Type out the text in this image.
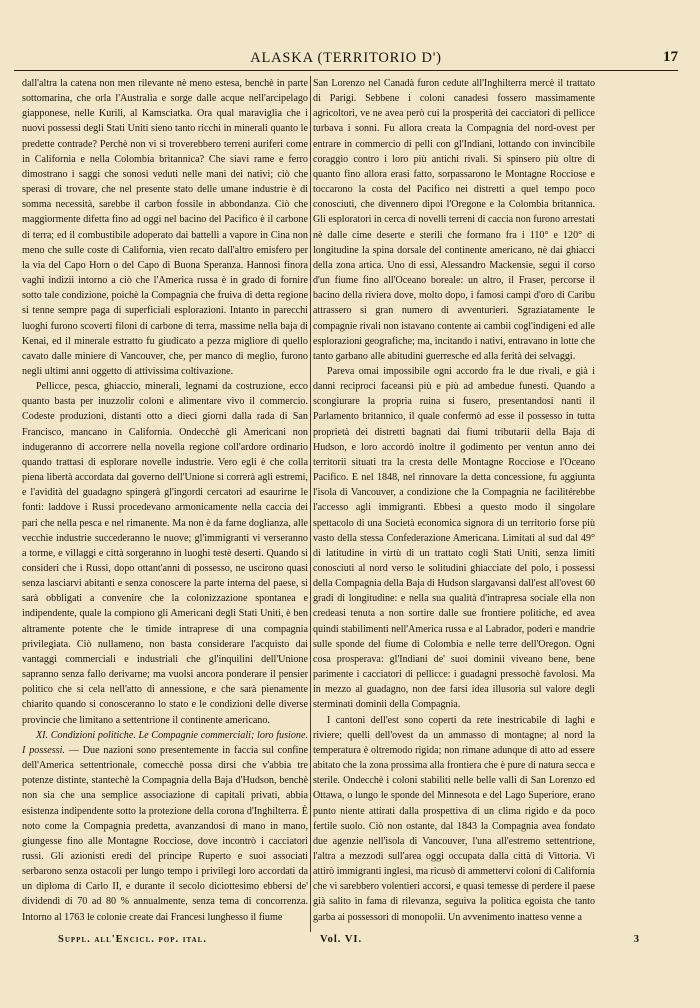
ALASKA (TERRITORIO D')	17

dall'altra la catena non men rilevante nè meno estesa, benchè in parte sottomarina, che orla l'Australia e sorge dalle acque nell'arcipelago giapponese, nelle Kurili, al Kamsciatka. Ora qual maraviglia che i nuovi possessi degli Stati Uniti sieno tanto ricchi in minerali quanto le predette contrade? Perchè non vi si troverebbero terreni auriferi come in California e nella Colombia britannica? Che siavi rame e ferro dimostrano i saggi che sonosi veduti nelle mani dei nativi; ciò che sperasi di trovare, che nel presente stato delle umane industrie è di somma necessità, sarebbe il carbon fossile in abbondanza. Ciò che maggiormente difetta fino ad oggi nel bacino del Pacifico è il carbone di terra; ed il combustibile adoperato dai battelli a vapore in Cina non meno che sulle coste di California, vien recato dall'altro emisfero per la via del Capo Horn o del Capo di Buona Speranza. Hannosi finora vaghi indizii intorno a ciò che l'America russa è in grado di fornire sotto tale condizione, poichè la Compagnia che fruiva di detta regione si tenne sempre paga di superficiali esplorazioni. Intanto in parecchi luoghi furono scoverti filoni di carbone di terra, massime nella baja di Kenai, ed il minerale estratto fu giudicato a pezza migliore di quello cavato dalle miniere di Vancouver, che, per manco di meglio, furono negli ultimi anni oggetto di attivissima coltivazione.

Pellicce, pesca, ghiaccio, minerali, legnami da costruzione, ecco quanto basta per inuzzolir coloni e alimentare vivo il commercio. Codeste produzioni, distanti otto a dieci giorni dalla rada di San Francisco, mancano in California. Ondecchè gli Americani non indugeranno di accorrere nella novella regione coll'ardore ordinario quando trattasi di esplorare novelle industrie. Vero egli è che colla piena libertà accordata dal governo dell'Unione si correrà agli estremi, e l'avidità del guadagno spingerà gl'ingordi cercatori ad esaurirne le fonti: laddove i Russi procedevano armonicamente nella caccia dei pari che nella pesca e nel rimanente. Ma non è da farne doglianza, alle vecchie industrie succederanno le nuove; gl'immigranti vi verseranno a torme, e villaggi e città sorgeranno in luoghi testè deserti. Quando si consideri che i Russi, dopo ottant'anni di possesso, ne uscirono quasi senza lasciarvi abitanti e senza conoscere la parte interna del paese, si sarà obbligati a convenire che la colonizzazione spontanea e indipendente, quale la compiono gli Americani degli Stati Uniti, è ben altramente potente che le timide intraprese di una compagnia privilegiata. Ciò nullameno, non basta considerare l'acquisto dai vantaggi commerciali e industriali che gl'inquilini dell'Unione sapranno senza fallo derivarne; ma vuolsi ancora ponderare il pensier politico che si cela nell'atto di annessione, e che sarà pienamente chiarito quando si conosceranno lo stato e le condizioni delle diverse provincie che limitano a settentrione il continente americano.

XI. Condizioni politiche. Le Compagnie commerciali; loro fusione. I possessi. — Due nazioni sono presentemente in faccia sul confine dell'America settentrionale, comecchè possa dirsi che v'abbia tre potenze distinte, stantechè la Compagnia della Baja d'Hudson, benchè non sia che una semplice associazione di capitali privati, abbia esistenza indipendente sotto la protezione della corona d'Inghilterra. È noto come la Compagnia predetta, avanzandosi di mano in mano, giungesse fino alle Montagne Rocciose, dove incontrò i cacciatori russi. Gli azionisti eredi del principe Ruperto e suoi associati serbarono senza ostacoli per lungo tempo i privilegi loro accordati da un diploma di Carlo II, e durante il secolo diciottesimo ebbersi de' dividendi di 70 ad 80 % annualmente, senza tema di concorrenza. Intorno al 1763 le colonie create dai Francesi lunghesso il fiume

San Lorenzo nel Canadà furon cedute all'Inghilterra mercè il trattato di Parigi. Sebbene i coloni canadesi fossero massimamente agricoltori, ve ne avea però cui la prosperità dei cacciatori di pellicce turbava i sonni. Fu allora creata la Compagnia del nord-ovest per entrare in commercio di pelli con gl'Indiani, lottando con invincibile coraggio contro i loro più antichi rivali. Si spinsero più oltre di quanto fino allora erasi fatto, sorpassarono le Montagne Rocciose e toccarono la costa del Pacifico nei distretti a quel tempo poco conosciuti, che divennero dipoi l'Oregone e la Colombia britannica. Gli esploratori in cerca di novelli terreni di caccia non furono arrestati nè dalle cime deserte e sterili che formano fra i 110° e 120° di longitudine la spina dorsale del continente americano, nè dai ghiacci della zona artica. Uno di essi, Alessandro Mackensie, seguì il corso d'un fiume fino all'Oceano boreale: un altro, il Fraser, percorse il bacino della riviera dove, molto dopo, i famosi campi d'oro di Caribu attrassero sì gran numero di avventurieri. Sgraziatamente le compagnie rivali non istavano contente ai cambii cogl'indigeni ed alle esplorazioni geografiche; ma, incitando i nativi, entravano in lotte che tanto garbano alle abitudini guerresche ed alla ferità dei selvaggi.

Pareva omai impossibile ogni accordo fra le due rivali, e già i danni reciproci faceansi più e più ad ambedue funesti. Quando a scongiurare la propria ruina si fusero, presentandosi nanti il Parlamento britannico, il quale confermò ad esse il possesso in tutta proprietà dei distretti bagnati dai fiumi tributarii della Baja di Hudson, e loro accordò inoltre il godimento per ventun anno dei territorii situati tra la cresta delle Montagne Rocciose e l'Oceano Pacifico. E nel 1848, nel rinnovare la detta concessione, fu aggiunta l'isola di Vancouver, a condizione che la Compagnia ne facilitérebbe l'accesso agli immigranti. Ebbesi a questo modo il singolare spettacolo di una Società economica signora di un territorio forse più vasto della stessa Confederazione Americana. Limitati al sud dal 49° di latitudine in virtù di un trattato cogli Stati Uniti, senza limiti conosciuti al nord verso le solitudini ghiacciate del polo, i possessi della Compagnia della Baja di Hudson slargavansi dall'est all'ovest 60 gradi di longitudine: e nella sua qualità d'intrapresa sociale ella non credeasi tenuta a non sortire dalle sue frontiere politiche, ed avea quindi stabilimenti nell'America russa e al Labrador, poderi e mandrie sulle sponde del fiume di Colombia e nelle terre dell'Oregon. Ogni cosa prosperava: gl'Indiani de' suoi dominii viveano bene, bene parimente i cacciatori di pellicce: i guadagni pressochè favolosi. Ma in mezzo al guadagno, non dee farsi idea illusoria sul valore degli sterminati dominii della Compagnia.

I cantoni dell'est sono coperti da rete inestricabile di laghi e riviere; quelli dell'ovest da un ammasso di montagne; al nord la temperatura è oltremodo rigida; non rimane adunque di atto ad essere abitato che la zona prossima alla frontiera che è pure di natura secca e sterile. Ondecchè i coloni stabiliti nelle belle valli di San Lorenzo ed Ottawa, o lungo le sponde del Minnesota e del Lago Superiore, erano punto niente attirati dalla prospettiva di un clima rigido e da poco fertile suolo. Ciò non ostante, dal 1843 la Compagnia avea fondato due agenzie nell'isola di Vancouver, l'una all'estremo settentrione, l'altra a mezzodì sull'area oggi occupata dalla città di Vittoria. Vi attirò immigranti inglesi, ma ricusò di ammettervi coloni di California che vi sarebbero volentieri accorsi, e quasi temesse di perdere il paese già salito in fama di rilevanza, seguiva la politica egoista che tanto garba ai possessori di monopolii. Un avvenimento inatteso venne a

Suppl. all'Encicl. pop. ital.	Vol. VI.	3
